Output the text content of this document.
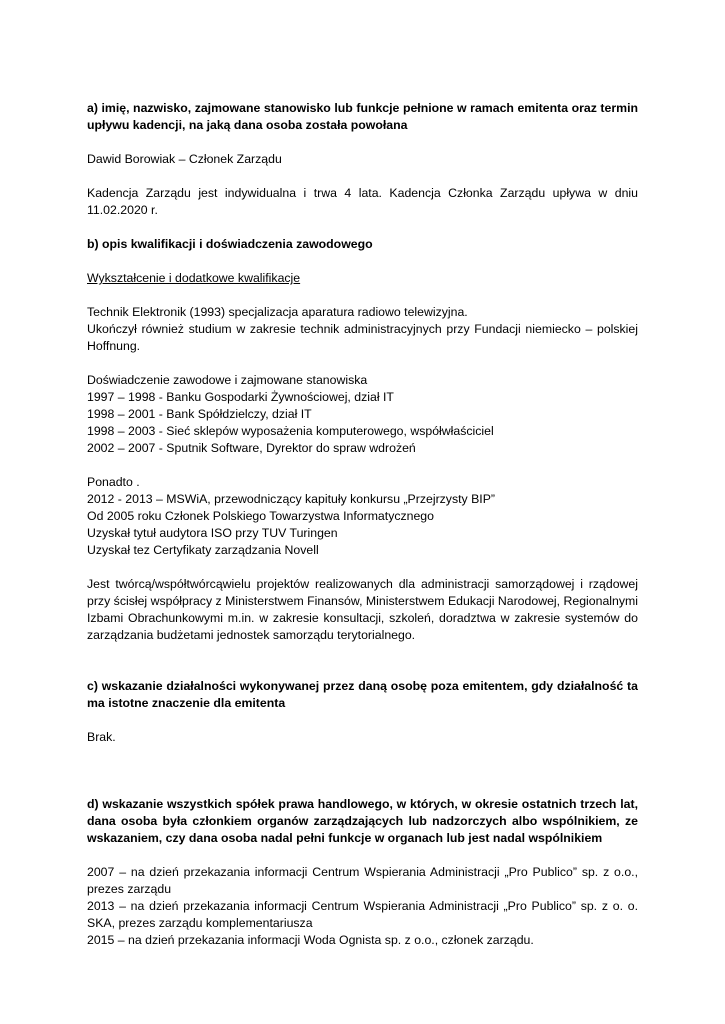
a) imię, nazwisko, zajmowane stanowisko lub funkcje pełnione w ramach emitenta oraz termin upływu kadencji, na jaką dana osoba została powołana

Dawid Borowiak – Członek Zarządu

Kadencja Zarządu jest indywidualna i trwa 4 lata. Kadencja Członka Zarządu upływa w dniu 11.02.2020 r.

b) opis kwalifikacji i doświadczenia zawodowego

Wykształcenie i dodatkowe kwalifikacje

Technik Elektronik (1993) specjalizacja aparatura radiowo telewizyjna.

Ukończył również studium w zakresie technik administracyjnych przy Fundacji niemiecko – polskiej Hoffnung.

Doświadczenie zawodowe i zajmowane stanowiska

1997 – 1998 - Banku Gospodarki Żywnościowej, dział IT

1998 – 2001 - Bank Spółdzielczy, dział IT

1998 – 2003 - Sieć sklepów wyposażenia komputerowego, współwłaściciel

2002 – 2007 - Sputnik Software, Dyrektor do spraw wdrożeń

Ponadto .

2012 - 2013 – MSWiA, przewodniczący kapituły konkursu „Przejrzysty BIP”

Od 2005 roku Członek Polskiego Towarzystwa Informatycznego

Uzyskał tytuł audytora ISO przy TUV Turingen

Uzyskał tez Certyfikaty zarządzania Novell

Jest twórcą/współtwórcąwielu projektów realizowanych dla administracji samorządowej i rządowej przy ścisłej współpracy z Ministerstwem Finansów, Ministerstwem Edukacji Narodowej, Regionalnymi Izbami Obrachunkowymi m.in. w zakresie konsultacji, szkoleń, doradztwa w zakresie systemów do zarządzania budżetami jednostek samorządu terytorialnego.

c) wskazanie działalności wykonywanej przez daną osobę poza emitentem, gdy działalność ta ma istotne znaczenie dla emitenta

Brak.

d) wskazanie wszystkich spółek prawa handlowego, w których, w okresie ostatnich trzech lat, dana osoba była członkiem organów zarządzających lub nadzorczych albo wspólnikiem, ze wskazaniem, czy dana osoba nadal pełni funkcje w organach lub jest nadal wspólnikiem

2007 – na dzień przekazania informacji Centrum Wspierania Administracji „Pro Publico” sp. z o.o., prezes zarządu

2013 – na dzień przekazania informacji Centrum Wspierania Administracji „Pro Publico” sp. z o. o. SKA, prezes zarządu komplementariusza

2015 – na dzień przekazania informacji Woda Ognista sp. z o.o., członek zarządu.
